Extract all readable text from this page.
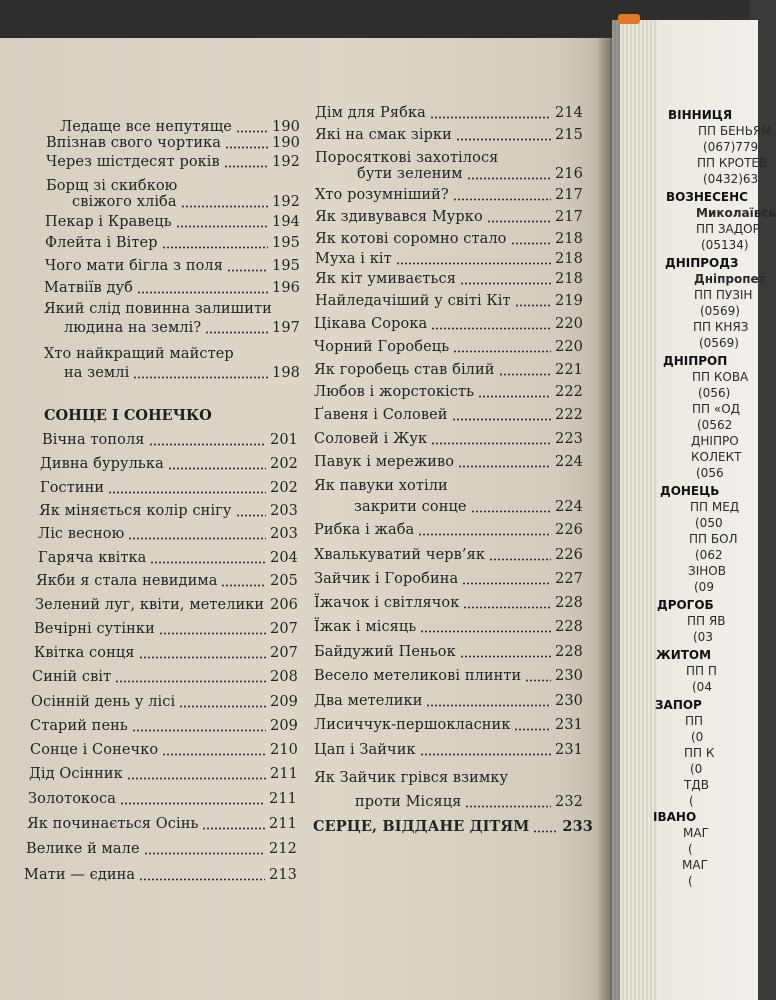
ВІННИЦЯ
ПП БЕНЬЯМ
(067)779
ПП КРОТЕВ
(0432)63
ВОЗНЕСЕНС
Миколаївсь
ПП ЗАДОР
(05134)
ДНІПРОДЗ
Дніпропет
ПП ПУЗІН
(0569)
ПП КНЯЗ
(0569)
ДНІПРОП
ПП КОВА
(056)
ПП «ОД
(0562
ДНІПРО
КОЛЕКТ
(056
ДОНЕЦЬ
ПП МЕД
(050
ПП БОЛ
(062
ЗІНОВ
(09
ДРОГОБ
ПП ЯВ
(03
ЖИТОМ
ПП П
(04
ЗАПОР
ПП
(0
ПП К
(0
ТДВ
(
ІВАНО
МАГ
(
МАГ
(
Ледаще все непутяще	190
Впізнав свого чортика	190
Через шістдесят років	192
Борщ зі скибкою
свіжого хліба	192
Пекар і Кравець	194
Флейта і Вітер	195
Чого мати бігла з поля	195
Матвіїв дуб	196
Який слід повинна залишити
людина на землі?	197
Хто найкращий майстер
на землі	198
СОНЦЕ І СОНЕЧКО
Вічна тополя	201
Дивна бурулька	202
Гостини	202
Як міняється колір снігу	203
Ліс весною	203
Гаряча квітка	204
Якби я стала невидима	205
Зелений луг, квіти, метелики 206
Вечірні сутінки	207
Квітка сонця	207
Синій світ	208
Осінній день у лісі	209
Старий пень	209
Сонце і Сонечко	210
Дід Осінник	211
Золотокоса	211
Як починається Осінь	211
Велике й мале	212
Мати — єдина	213
Дім для Рябка	214
Які на смак зірки	215
Поросяткові захотілося
бути зеленим	216
Хто розумніший?	217
Як здивувався Мурко	217
Як котові соромно стало	218
Муха і кіт	218
Як кіт умивається	218
Найледачіший у світі Кіт	219
Цікава Сорока	220
Чорний Горобець	220
Як горобець став білий	221
Любов і жорстокість	222
Ґавеня і Соловей	222
Соловей і Жук	223
Павук і мереживо	224
Як павуки хотіли
закрити сонце	224
Рибка і жаба	226
Хвалькуватий черв’як	226
Зайчик і Горобина	227
Їжачок і світлячок	228
Їжак і місяць	228
Байдужий Пеньок	228
Весело метеликові плинти 230
Два метелики	230
Лисиччук-першокласник	231
Цап і Зайчик	231
Як Зайчик грівся взимку
проти Місяця	232
СЕРЦЕ, ВІДДАНЕ ДІТЯМ 233
